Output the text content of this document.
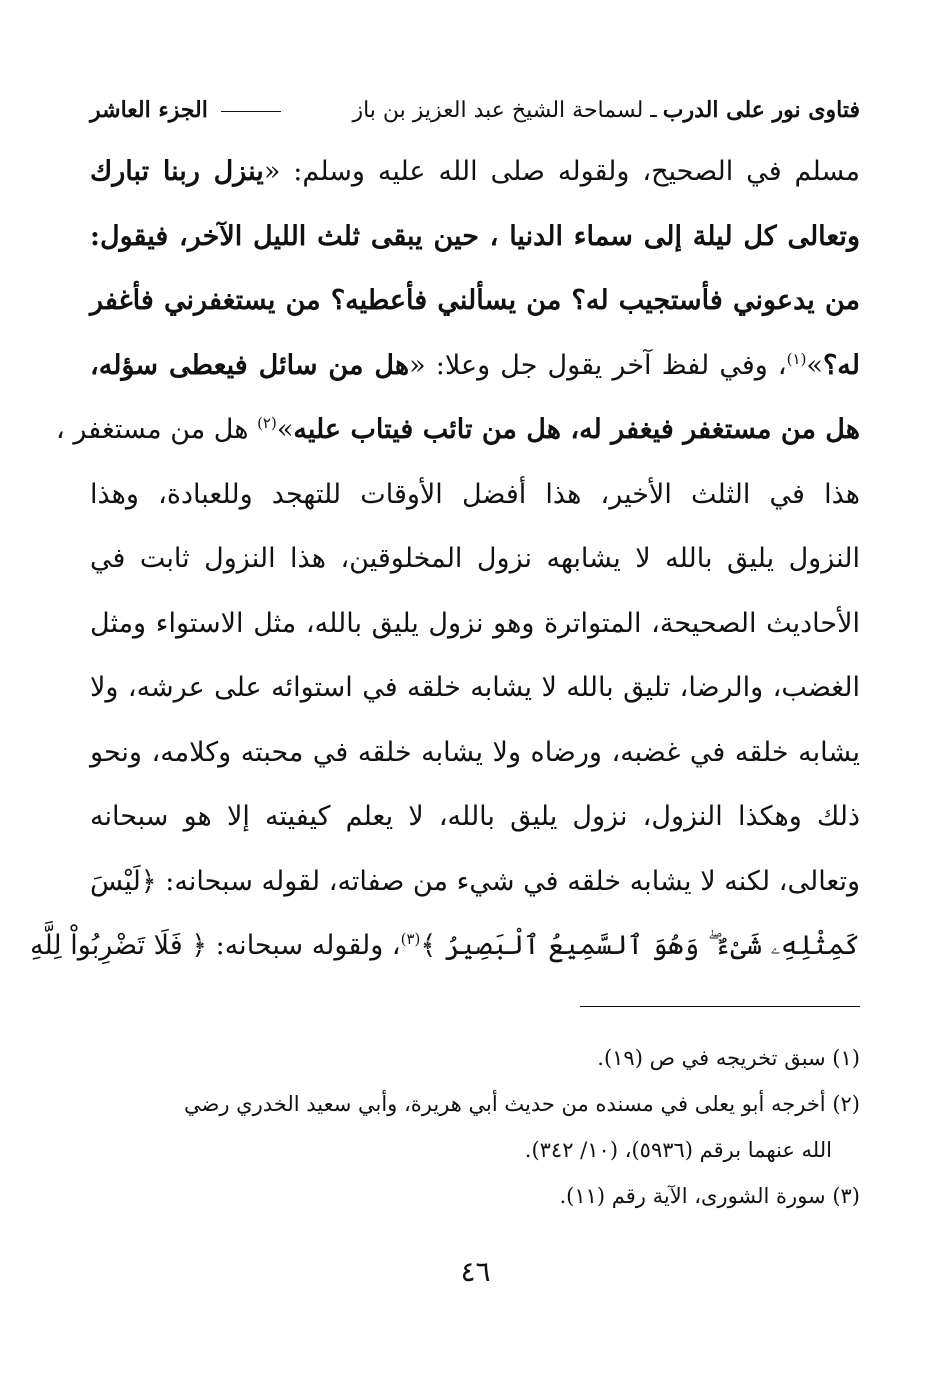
فتاوى نور على الدرب
ـ لسماحة الشيخ عبد العزيز بن باز
الجزء العاشر
مسلم في الصحيح، ولقوله صلى الله عليه وسلم: «ينزل ربنا تبارك
وتعالى كل ليلة إلى سماء الدنيا ، حين يبقى ثلث الليل الآخر، فيقول:
من يدعوني فأستجيب له؟ من يسألني فأعطيه؟ من يستغفرني فأغفر
له؟»$^{(١)}$، وفي لفظ آخر يقول جل وعلا: «هل من سائل فيعطى سؤله،
هل من مستغفر فيغفر له، هل من تائب فيتاب عليه»$^{(٢)}$ هل من مستغفر ،
هذا في الثلث الأخير، هذا أفضل الأوقات للتهجد وللعبادة، وهذا
النزول يليق بالله لا يشابهه نزول المخلوقين، هذا النزول ثابت في
الأحاديث الصحيحة، المتواترة وهو نزول يليق بالله، مثل الاستواء ومثل
الغضب، والرضا، تليق بالله لا يشابه خلقه في استوائه على عرشه، ولا
يشابه خلقه في غضبه، ورضاه ولا يشابه خلقه في محبته وكلامه، ونحو
ذلك وهكذا النزول، نزول يليق بالله، لا يعلم كيفيته إلا هو سبحانه
وتعالى، لكنه لا يشابه خلقه في شيء من صفاته، لقوله سبحانه: ﴿لَيْسَ
كَمِثْلِهِۦ شَىْءٌ ۖ وَهُوَ ٱلسَّمِيعُ ٱلْبَصِيرُ ﴾$^{(٣)}$، ولقوله سبحانه: ﴿ فَلَا تَضْرِبُواْ لِلَّهِ
(١) سبق تخريجه في ص (١٩).
(٢) أخرجه أبو يعلى في مسنده من حديث أبي هريرة، وأبي سعيد الخدري رضي
الله عنهما برقم (٥٩٣٦)، (١٠/ ٣٤٢).
(٣) سورة الشورى، الآية رقم (١١).
٤٦
